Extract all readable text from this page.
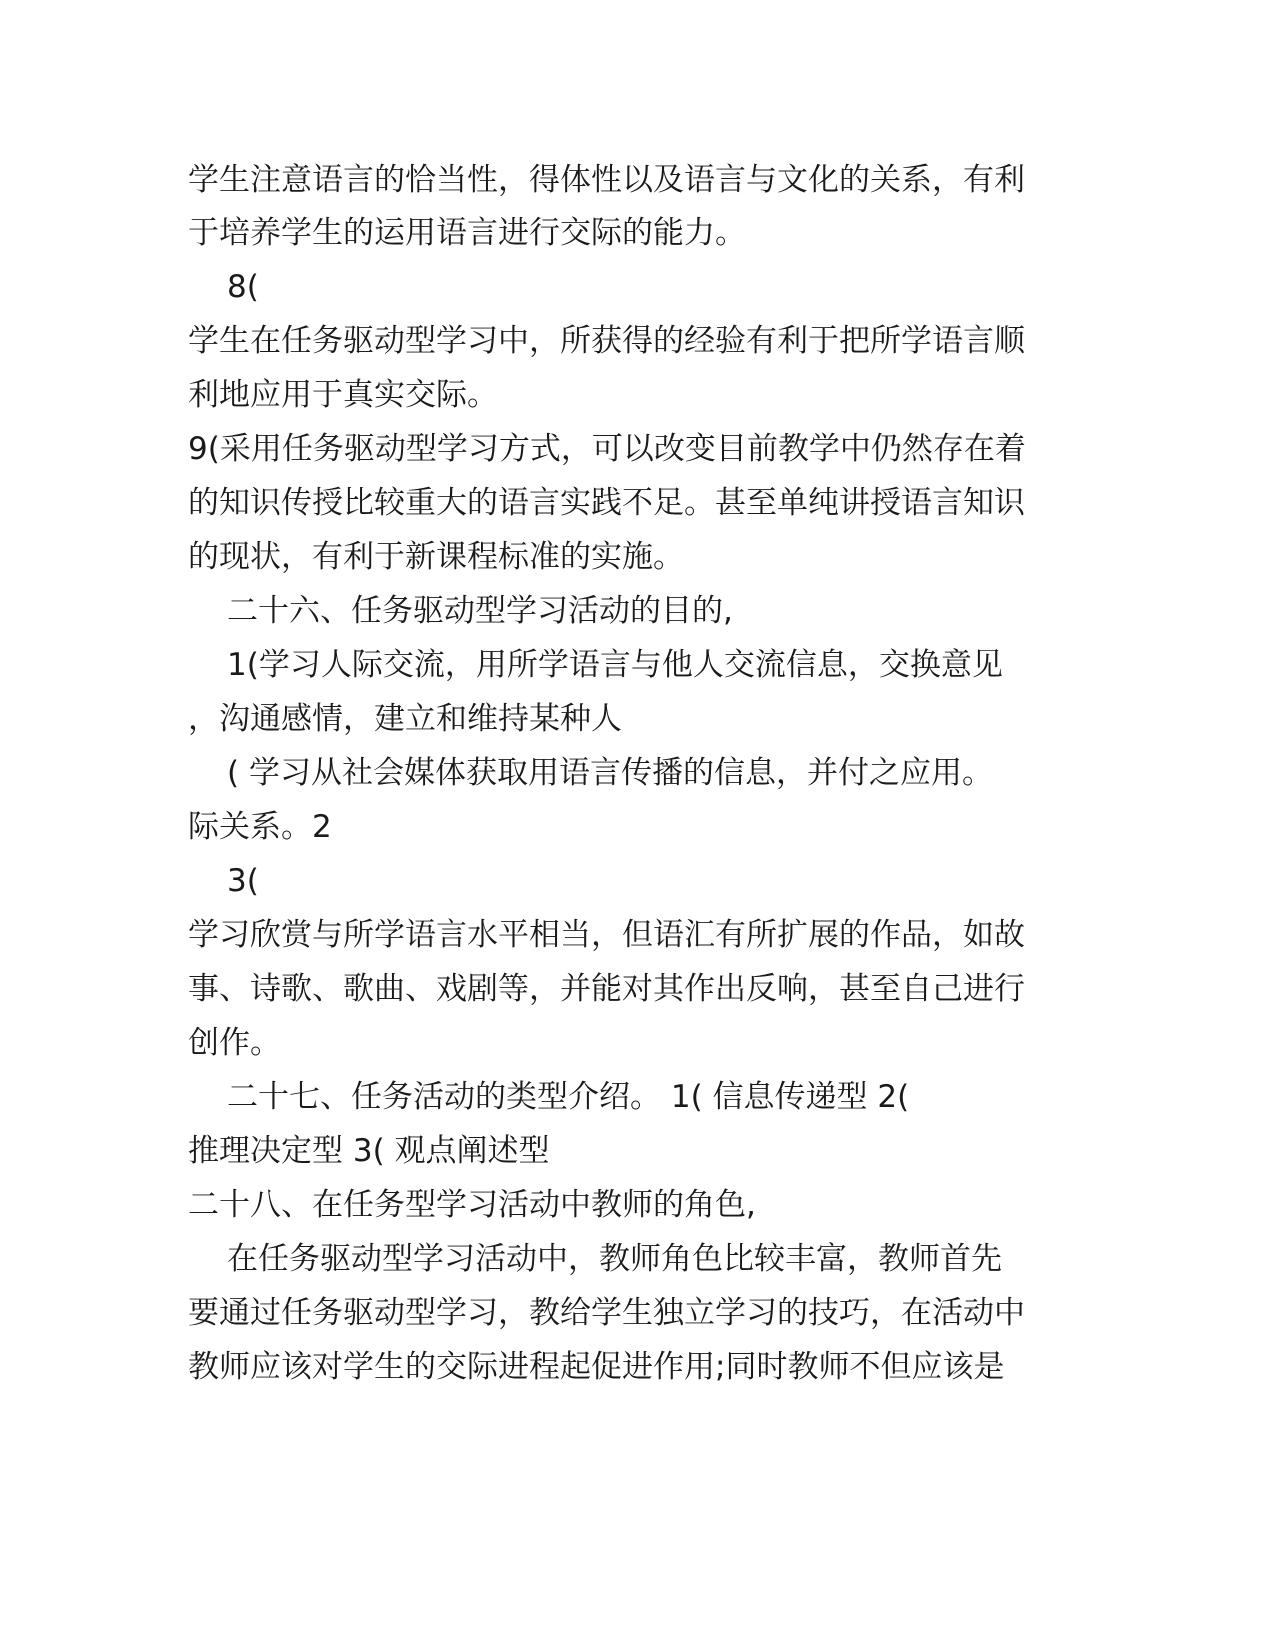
学生注意语言的恰当性，得体性以及语言与文化的关系，有利
于培养学生的运用语言进行交际的能力。
8(
学生在任务驱动型学习中，所获得的经验有利于把所学语言顺
利地应用于真实交际。
9(采用任务驱动型学习方式，可以改变目前教学中仍然存在着
的知识传授比较重大的语言实践不足。甚至单纯讲授语言知识
的现状，有利于新课程标准的实施。
二十六、任务驱动型学习活动的目的,
1(学习人际交流，用所学语言与他人交流信息，交换意见
，沟通感情，建立和维持某种人
( 学习从社会媒体获取用语言传播的信息，并付之应用。
际关系。2
3(
学习欣赏与所学语言水平相当，但语汇有所扩展的作品，如故
事、诗歌、歌曲、戏剧等，并能对其作出反响，甚至自己进行
创作。
二十七、任务活动的类型介绍。 1( 信息传递型 2(
推理决定型 3( 观点阐述型
二十八、在任务型学习活动中教师的角色,
在任务驱动型学习活动中，教师角色比较丰富，教师首先
要通过任务驱动型学习，教给学生独立学习的技巧，在活动中
教师应该对学生的交际进程起促进作用;同时教师不但应该是
